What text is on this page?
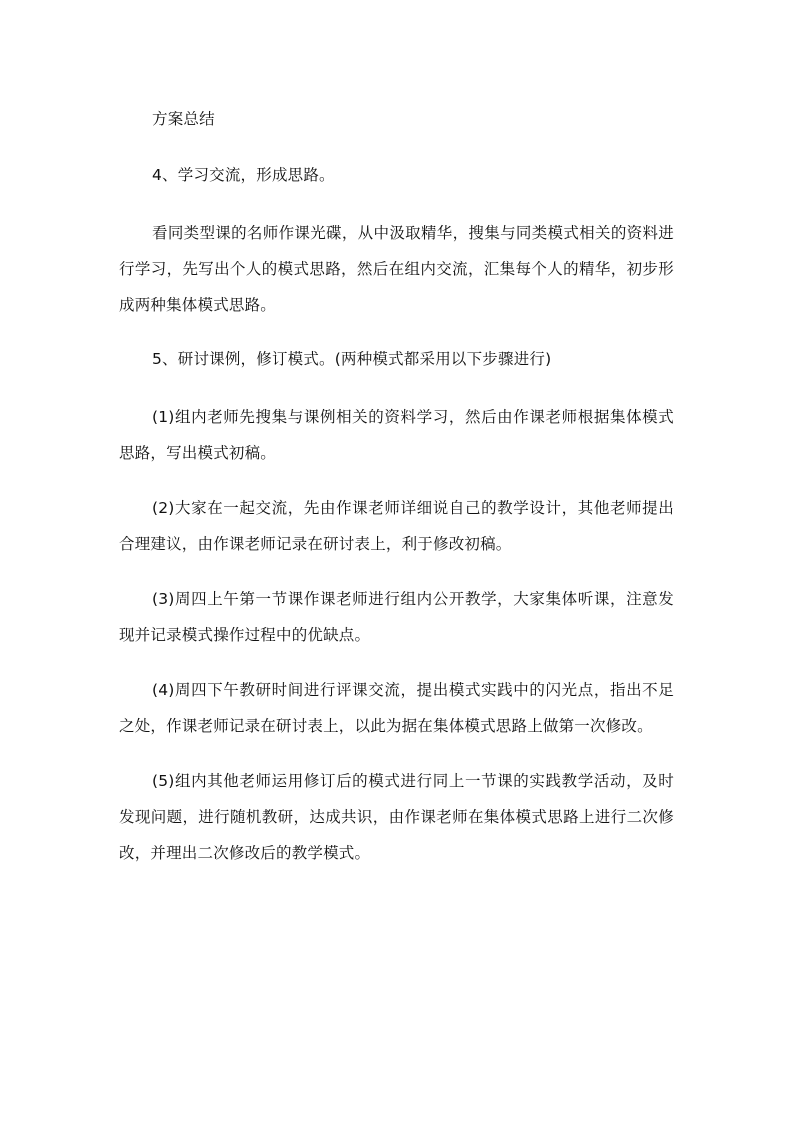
方案总结

4、学习交流，形成思路。

看同类型课的名师作课光碟，从中汲取精华，搜集与同类模式相关的资料进行学习，先写出个人的模式思路，然后在组内交流，汇集每个人的精华，初步形成两种集体模式思路。

5、研讨课例，修订模式。(两种模式都采用以下步骤进行)

(1)组内老师先搜集与课例相关的资料学习，然后由作课老师根据集体模式思路，写出模式初稿。

(2)大家在一起交流，先由作课老师详细说自己的教学设计，其他老师提出合理建议，由作课老师记录在研讨表上，利于修改初稿。

(3)周四上午第一节课作课老师进行组内公开教学，大家集体听课，注意发现并记录模式操作过程中的优缺点。

(4)周四下午教研时间进行评课交流，提出模式实践中的闪光点，指出不足之处，作课老师记录在研讨表上，以此为据在集体模式思路上做第一次修改。

(5)组内其他老师运用修订后的模式进行同上一节课的实践教学活动，及时发现问题，进行随机教研，达成共识，由作课老师在集体模式思路上进行二次修改，并理出二次修改后的教学模式。
